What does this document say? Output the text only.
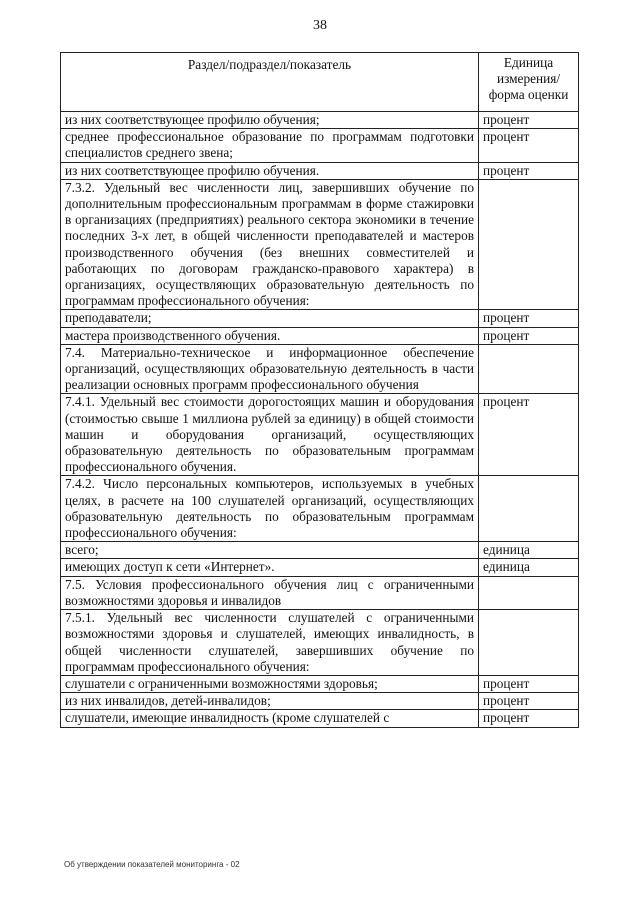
38
Раздел/подраздел/показатель	Единица измерения/ форма оценки
из них соответствующее профилю обучения;	процент
среднее профессиональное образование по программам подготовки специалистов среднего звена;	процент
из них соответствующее профилю обучения.	процент
7.3.2. Удельный вес численности лиц, завершивших обучение по дополнительным профессиональным программам в форме стажировки в организациях (предприятиях) реального сектора экономики в течение последних 3-х лет, в общей численности преподавателей и мастеров производственного обучения (без внешних совместителей и работающих по договорам гражданско-правового характера) в организациях, осуществляющих образовательную деятельность по программам профессионального обучения:	
преподаватели;	процент
мастера производственного обучения.	процент
7.4. Материально-техническое и информационное обеспечение организаций, осуществляющих образовательную деятельность в части реализации основных программ профессионального обучения	
7.4.1. Удельный вес стоимости дорогостоящих машин и оборудования (стоимостью свыше 1 миллиона рублей за единицу) в общей стоимости машин и оборудования организаций, осуществляющих образовательную деятельность по образовательным программам профессионального обучения.	процент
7.4.2. Число персональных компьютеров, используемых в учебных целях, в расчете на 100 слушателей организаций, осуществляющих образовательную деятельность по образовательным программам профессионального обучения:	
всего;	единица
имеющих доступ к сети «Интернет».	единица
7.5. Условия профессионального обучения лиц с ограниченными возможностями здоровья и инвалидов	
7.5.1. Удельный вес численности слушателей с ограниченными возможностями здоровья и слушателей, имеющих инвалидность, в общей численности слушателей, завершивших обучение по программам профессионального обучения:	
слушатели с ограниченными возможностями здоровья;	процент
из них инвалидов, детей-инвалидов;	процент
слушатели, имеющие инвалидность (кроме слушателей с	процент
Об утверждении показателей мониторинга - 02
